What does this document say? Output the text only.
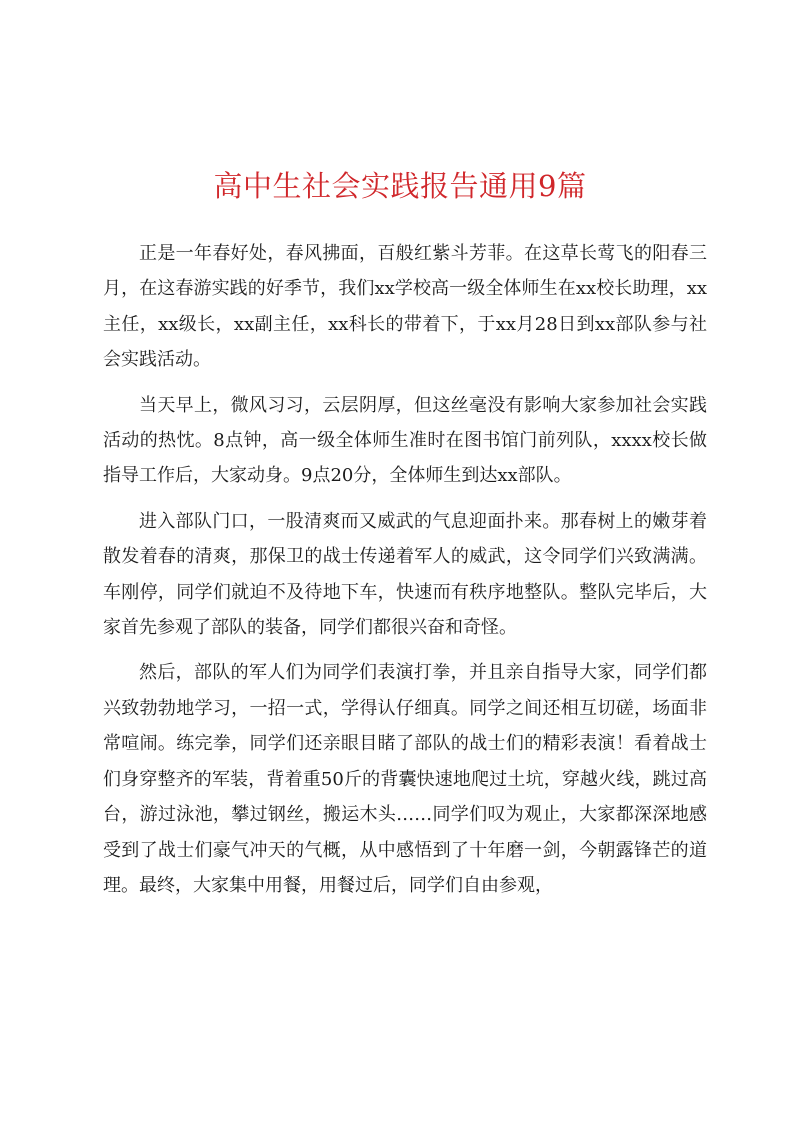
高中生社会实践报告通用9篇

正是一年春好处，春风拂面，百般红紫斗芳菲。在这草长莺飞的阳春三月，在这春游实践的好季节，我们xx学校高一级全体师生在xx校长助理，xx主任，xx级长，xx副主任，xx科长的带着下，于xx月28日到xx部队参与社会实践活动。

当天早上，微风习习，云层阴厚，但这丝毫没有影响大家参加社会实践活动的热忱。8点钟，高一级全体师生准时在图书馆门前列队，xxxx校长做指导工作后，大家动身。9点20分，全体师生到达xx部队。

进入部队门口，一股清爽而又威武的气息迎面扑来。那春树上的嫩芽着散发着春的清爽，那保卫的战士传递着军人的威武，这令同学们兴致满满。车刚停，同学们就迫不及待地下车，快速而有秩序地整队。整队完毕后，大家首先参观了部队的装备，同学们都很兴奋和奇怪。

然后，部队的军人们为同学们表演打拳，并且亲自指导大家，同学们都兴致勃勃地学习，一招一式，学得认仔细真。同学之间还相互切磋，场面非常喧闹。练完拳，同学们还亲眼目睹了部队的战士们的精彩表演！看着战士们身穿整齐的军装，背着重50斤的背囊快速地爬过土坑，穿越火线，跳过高台，游过泳池，攀过钢丝，搬运木头……同学们叹为观止，大家都深深地感受到了战士们豪气冲天的气概，从中感悟到了十年磨一剑，今朝露锋芒的道理。最终，大家集中用餐，用餐过后，同学们自由参观，
